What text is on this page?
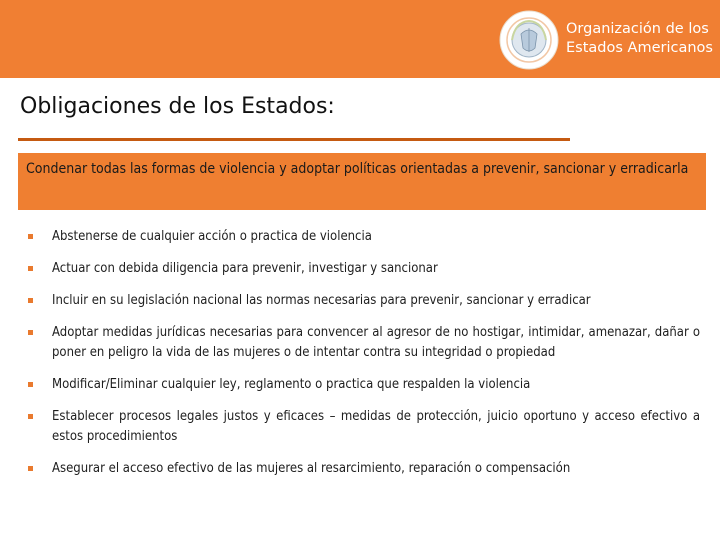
Organización de los
Estados Americanos
Obligaciones de los Estados:
Condenar todas las formas de violencia y adoptar políticas orientadas a prevenir, sancionar y erradicarla
Abstenerse de cualquier acción o practica de violencia
Actuar con debida diligencia para prevenir, investigar y sancionar
Incluir en su legislación nacional las normas necesarias para prevenir, sancionar y erradicar
Adoptar medidas jurídicas necesarias para convencer al agresor de no hostigar, intimidar, amenazar, dañar o poner en peligro la vida de las mujeres o de intentar contra su integridad o propiedad
Modificar/Eliminar cualquier ley, reglamento o practica que respalden la violencia
Establecer procesos legales justos y eficaces – medidas de protección, juicio oportuno y acceso efectivo a estos procedimientos
Asegurar el acceso efectivo de las mujeres al resarcimiento, reparación o compensación
